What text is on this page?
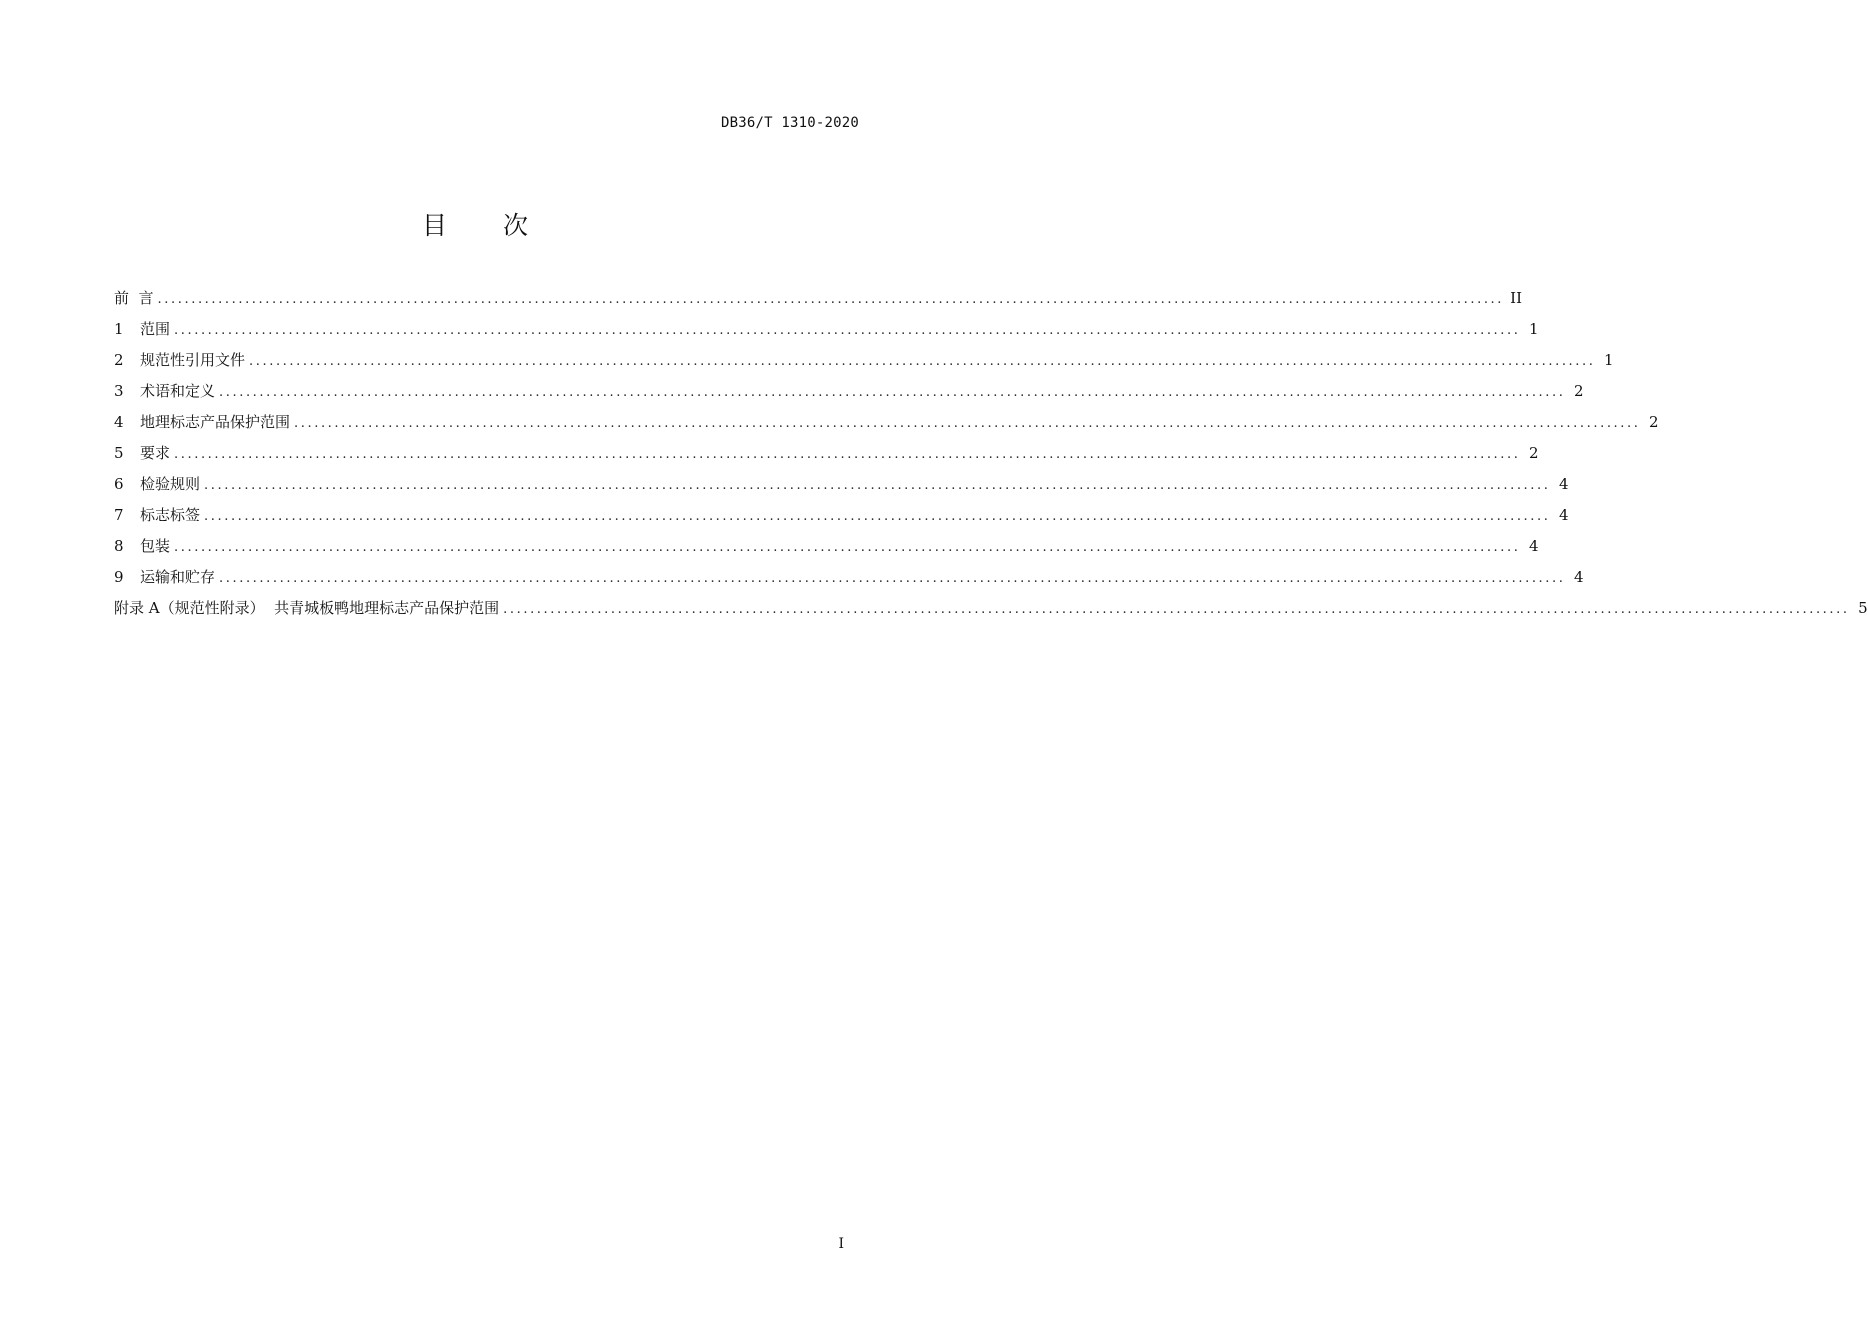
DB36/T 1310-2020
目 次
前  言 ........................................................................................................................................................................................................ II
1	范围 ........................................................................................................................................................................................................ 1
2	规范性引用文件 ........................................................................................................................................................................................................ 1
3	术语和定义 ........................................................................................................................................................................................................ 2
4	地理标志产品保护范围 ........................................................................................................................................................................................................ 2
5	要求 ........................................................................................................................................................................................................ 2
6	检验规则 ........................................................................................................................................................................................................ 4
7	标志标签 ........................................................................................................................................................................................................ 4
8	包装 ........................................................................................................................................................................................................ 4
9	运输和贮存 ........................................................................................................................................................................................................ 4
附录 A（规范性附录）  共青城板鸭地理标志产品保护范围 ........................................................................................................................................................................................................ 5
I
